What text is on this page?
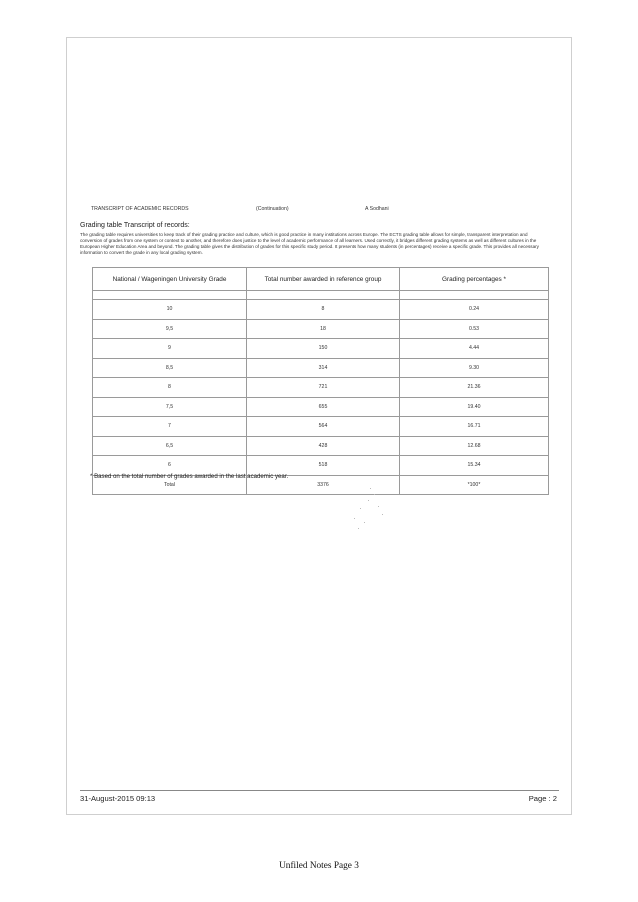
TRANSCRIPT OF ACADEMIC RECORDS	(Continuation)	A Sodhani
Grading table Transcript of records:
The grading table requires universities to keep track of their grading practice and culture, which is good practice in many institutions across Europe. The ECTS grading table allows for simple, transparent interpretation and conversion of grades from one system or context to another, and therefore does justice to the level of academic performance of all learners. Used correctly, it bridges different grading systems as well as different cultures in the European Higher Education Area and beyond. The grading table gives the distribution of grades for this specific study period. It presents how many students (in percentages) receive a specific grade. This provides all necessary information to convert the grade in any local grading system.
National / Wageningen University Grade	Total number awarded in reference group	Grading percentages *

10	8	0.24
9,5	18	0.53
9	150	4.44
8,5	314	9.30
8	721	21.36
7,5	655	19.40
7	564	16.71
6,5	428	12.68
6	518	15.34
Total	3376	*100*
* Based on the total number of grades awarded in the last academic year.
31-August-2015 09:13	Page : 2
Unfiled Notes Page 3
